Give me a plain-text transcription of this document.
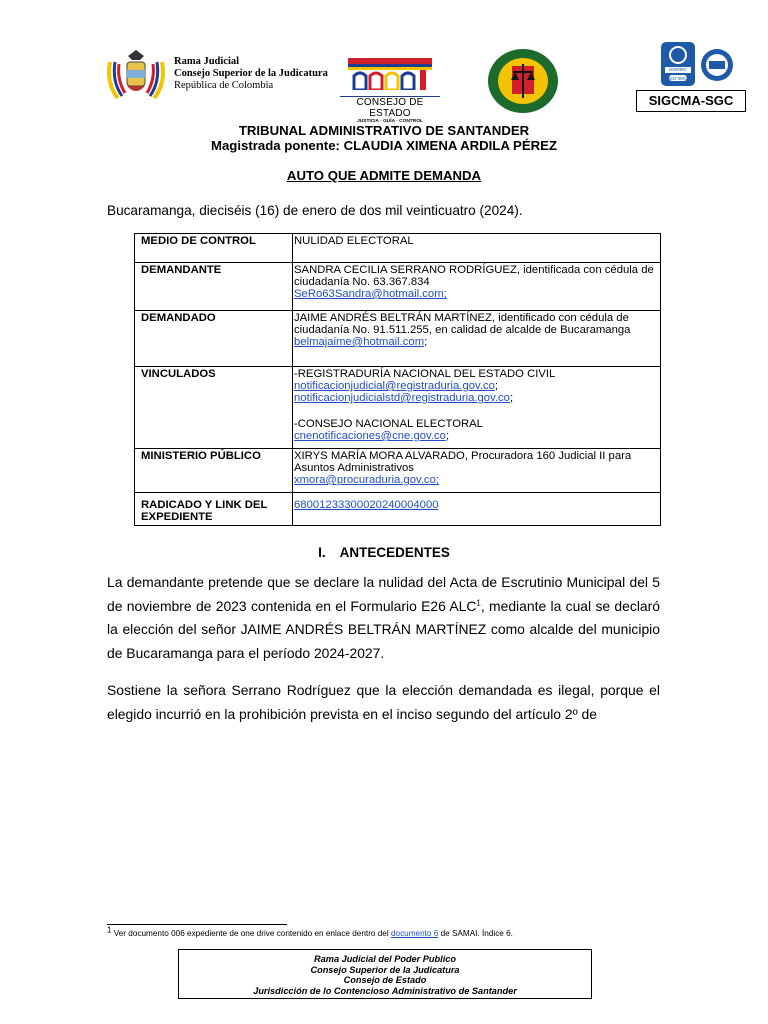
Rama Judicial
Consejo Superior de la Judicatura
República de Colombia
CONSEJO DE ESTADO
JUSTICIA · GUÍA · CONTROL
icontec
ISO 9001
SIGCMA-SGC
TRIBUNAL ADMINISTRATIVO DE SANTANDER
Magistrada ponente: CLAUDIA XIMENA ARDILA PÉREZ
AUTO QUE ADMITE DEMANDA
Bucaramanga, dieciséis (16) de enero de dos mil veinticuatro (2024).
MEDIO DE CONTROL	NULIDAD ELECTORAL
DEMANDANTE	SANDRA CECILIA SERRANO RODRÍGUEZ, identificada con cédula de ciudadanía No. 63.367.834
SeRo63Sandra@hotmail.com;
DEMANDADO	JAIME ANDRÉS BELTRÁN MARTÍNEZ, identificado con cédula de ciudadanía No. 91.511.255, en calidad de alcalde de Bucaramanga
belmajaime@hotmail.com;

VINCULADOS	-REGISTRADURÍA NACIONAL DEL ESTADO CIVIL
notificacionjudicial@registraduria.gov.co;
notificacionjudicialstd@registraduria.gov.co;
-CONSEJO NACIONAL ELECTORAL
cnenotificaciones@cne.gov.co;

MINISTERIO PÚBLICO	XIRYS MARÍA MORA ALVARADO, Procuradora 160 Judicial II para Asuntos Administrativos
xmora@procuraduria.gov.co;
RADICADO Y LINK DEL EXPEDIENTE	68001233300020240004000
I. ANTECEDENTES
La demandante pretende que se declare la nulidad del Acta de Escrutinio Municipal del 5 de noviembre de 2023 contenida en el Formulario E26 ALC$^1$, mediante la cual se declaró la elección del señor JAIME ANDRÉS BELTRÁN MARTÍNEZ como alcalde del municipio de Bucaramanga para el período 2024-2027.
Sostiene la señora Serrano Rodríguez que la elección demandada es ilegal, porque el elegido incurrió en la prohibición prevista en el inciso segundo del artículo 2º de
$^1$ Ver documento 006 expediente de one drive contenido en enlace dentro del documento 6 de SAMAI. Índice 6.
Rama Judicial del Poder Publico
Consejo Superior de la Judicatura
Consejo de Estado
Jurisdicción de lo Contencioso Administrativo de Santander
